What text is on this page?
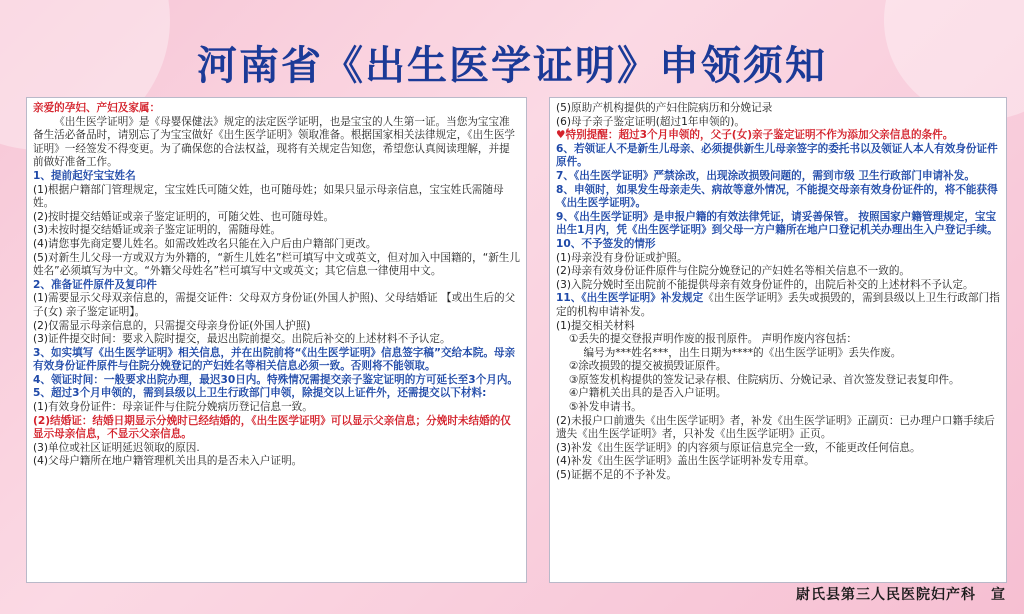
河南省《出生医学证明》申领须知

亲爱的孕妇、产妇及家属：

《出生医学证明》是《母婴保健法》规定的法定医学证明，也是宝宝的人生第一证。当您为宝宝准备生活必备品时，请别忘了为宝宝做好《出生医学证明》领取准备。根据国家相关法律规定，《出生医学证明》一经签发不得变更。为了确保您的合法权益，现将有关规定告知您，希望您认真阅读理解，并提前做好准备工作。

1、提前起好宝宝姓名

(1)根据户籍部门管理规定，宝宝姓氏可随父姓，也可随母姓；如果只显示母亲信息，宝宝姓氏需随母姓。

(2)按时提交结婚证或亲子鉴定证明的，可随父姓、也可随母姓。

(3)未按时提交结婚证或亲子鉴定证明的，需随母姓。

(4)请您事先商定婴儿姓名。如需改姓改名只能在入户后由户籍部门更改。

(5)对新生儿父母一方或双方为外籍的，“新生儿姓名”栏可填写中文或英文，但对加入中国籍的，“新生儿姓名”必须填写为中文。“外籍父母姓名”栏可填写中文或英文；其它信息一律使用中文。

2、准备证件原件及复印件

(1)需要显示父母双亲信息的，需提交证件：父母双方身份证(外国人护照)、父母结婚证 【或出生后的父子(女) 亲子鉴定证明】。

(2)仅需显示母亲信息的，只需提交母亲身份证(外国人护照)

(3)证件提交时间：要求入院时提交，最迟出院前提交。出院后补交的上述材料不予认定。

3、如实填写《出生医学证明》相关信息，并在出院前将“《出生医学证明》信息签字稿”交给本院。母亲有效身份证件原件与住院分娩登记的产妇姓名等相关信息必须一致。否则将不能领取。

4、领证时间：一般要求出院办理，最迟30日内。特殊情况需提交亲子鉴定证明的方可延长至3个月内。

5、超过3个月申领的，需到县级以上卫生行政部门申领，除提交以上证件外，还需提交以下材料:

(1)有效身份证件：母亲证件与住院分娩病历登记信息一致。

(2)结婚证：结婚日期显示分娩时已经结婚的，《出生医学证明》可以显示父亲信息；分娩时未结婚的仅显示母亲信息，不显示父亲信息。

(3)单位或社区证明延迟领取的原因.

(4)父母户籍所在地户籍管理机关出具的是否未入户证明。

(5)原助产机构提供的产妇住院病历和分娩记录

(6)母子亲子鉴定证明(超过1年申领的)。

♥特别提醒：超过3个月申领的，父子(女)亲子鉴定证明不作为添加父亲信息的条件。

6、若领证人不是新生儿母亲、必须提供新生儿母亲签字的委托书以及领证人本人有效身份证件原件。

7、《出生医学证明》严禁涂改，出现涂改损毁问题的，需到市级 卫生行政部门申请补发。

8、申领时，如果发生母亲走失、病故等意外情况，不能提交母亲有效身份证件的，将不能获得《出生医学证明》。

9、《出生医学证明》是申报户籍的有效法律凭证，请妥善保管。 按照国家户籍管理规定，宝宝出生1月内，凭《出生医学证明》到父母一方户籍所在地户口登记机关办理出生入户登记手续。

10、不予签发的情形

(1)母亲没有身份证或护照。

(2)母亲有效身份证件原件与住院分娩登记的产妇姓名等相关信息不一致的。

(3)入院分娩时至出院前不能提供母亲有效身份证件的，出院后补交的上述材料不予认定。

11、《出生医学证明》补发规定《出生医学证明》丢失或损毁的，需到县级以上卫生行政部门指定的机构申请补发。

(1)提交相关材料

①丢失的提交登报声明作废的报刊原件。 声明作废内容包括：

编号为***姓名***，出生日期为****的《出生医学证明》丢失作废。

②涂改损毁的提交被损毁证原件。

③原签发机构提供的签发记录存根、住院病历、分娩记录、首次签发登记表复印件。

④户籍机关出具的是否入户证明。

⑤补发申请书。

(2)未报户口前遗失《出生医学证明》者，补发《出生医学证明》正副页：已办理户口籍手续后遗失《出生医学证明》者，只补发《出生医学证明》正页。

(3)补发《出生医学证明》的内容须与原证信息完全一致，不能更改任何信息。

(4)补发《出生医学证明》盖出生医学证明补发专用章。

(5)证据不足的不予补发。

尉氏县第三人民医院妇产科　宣
